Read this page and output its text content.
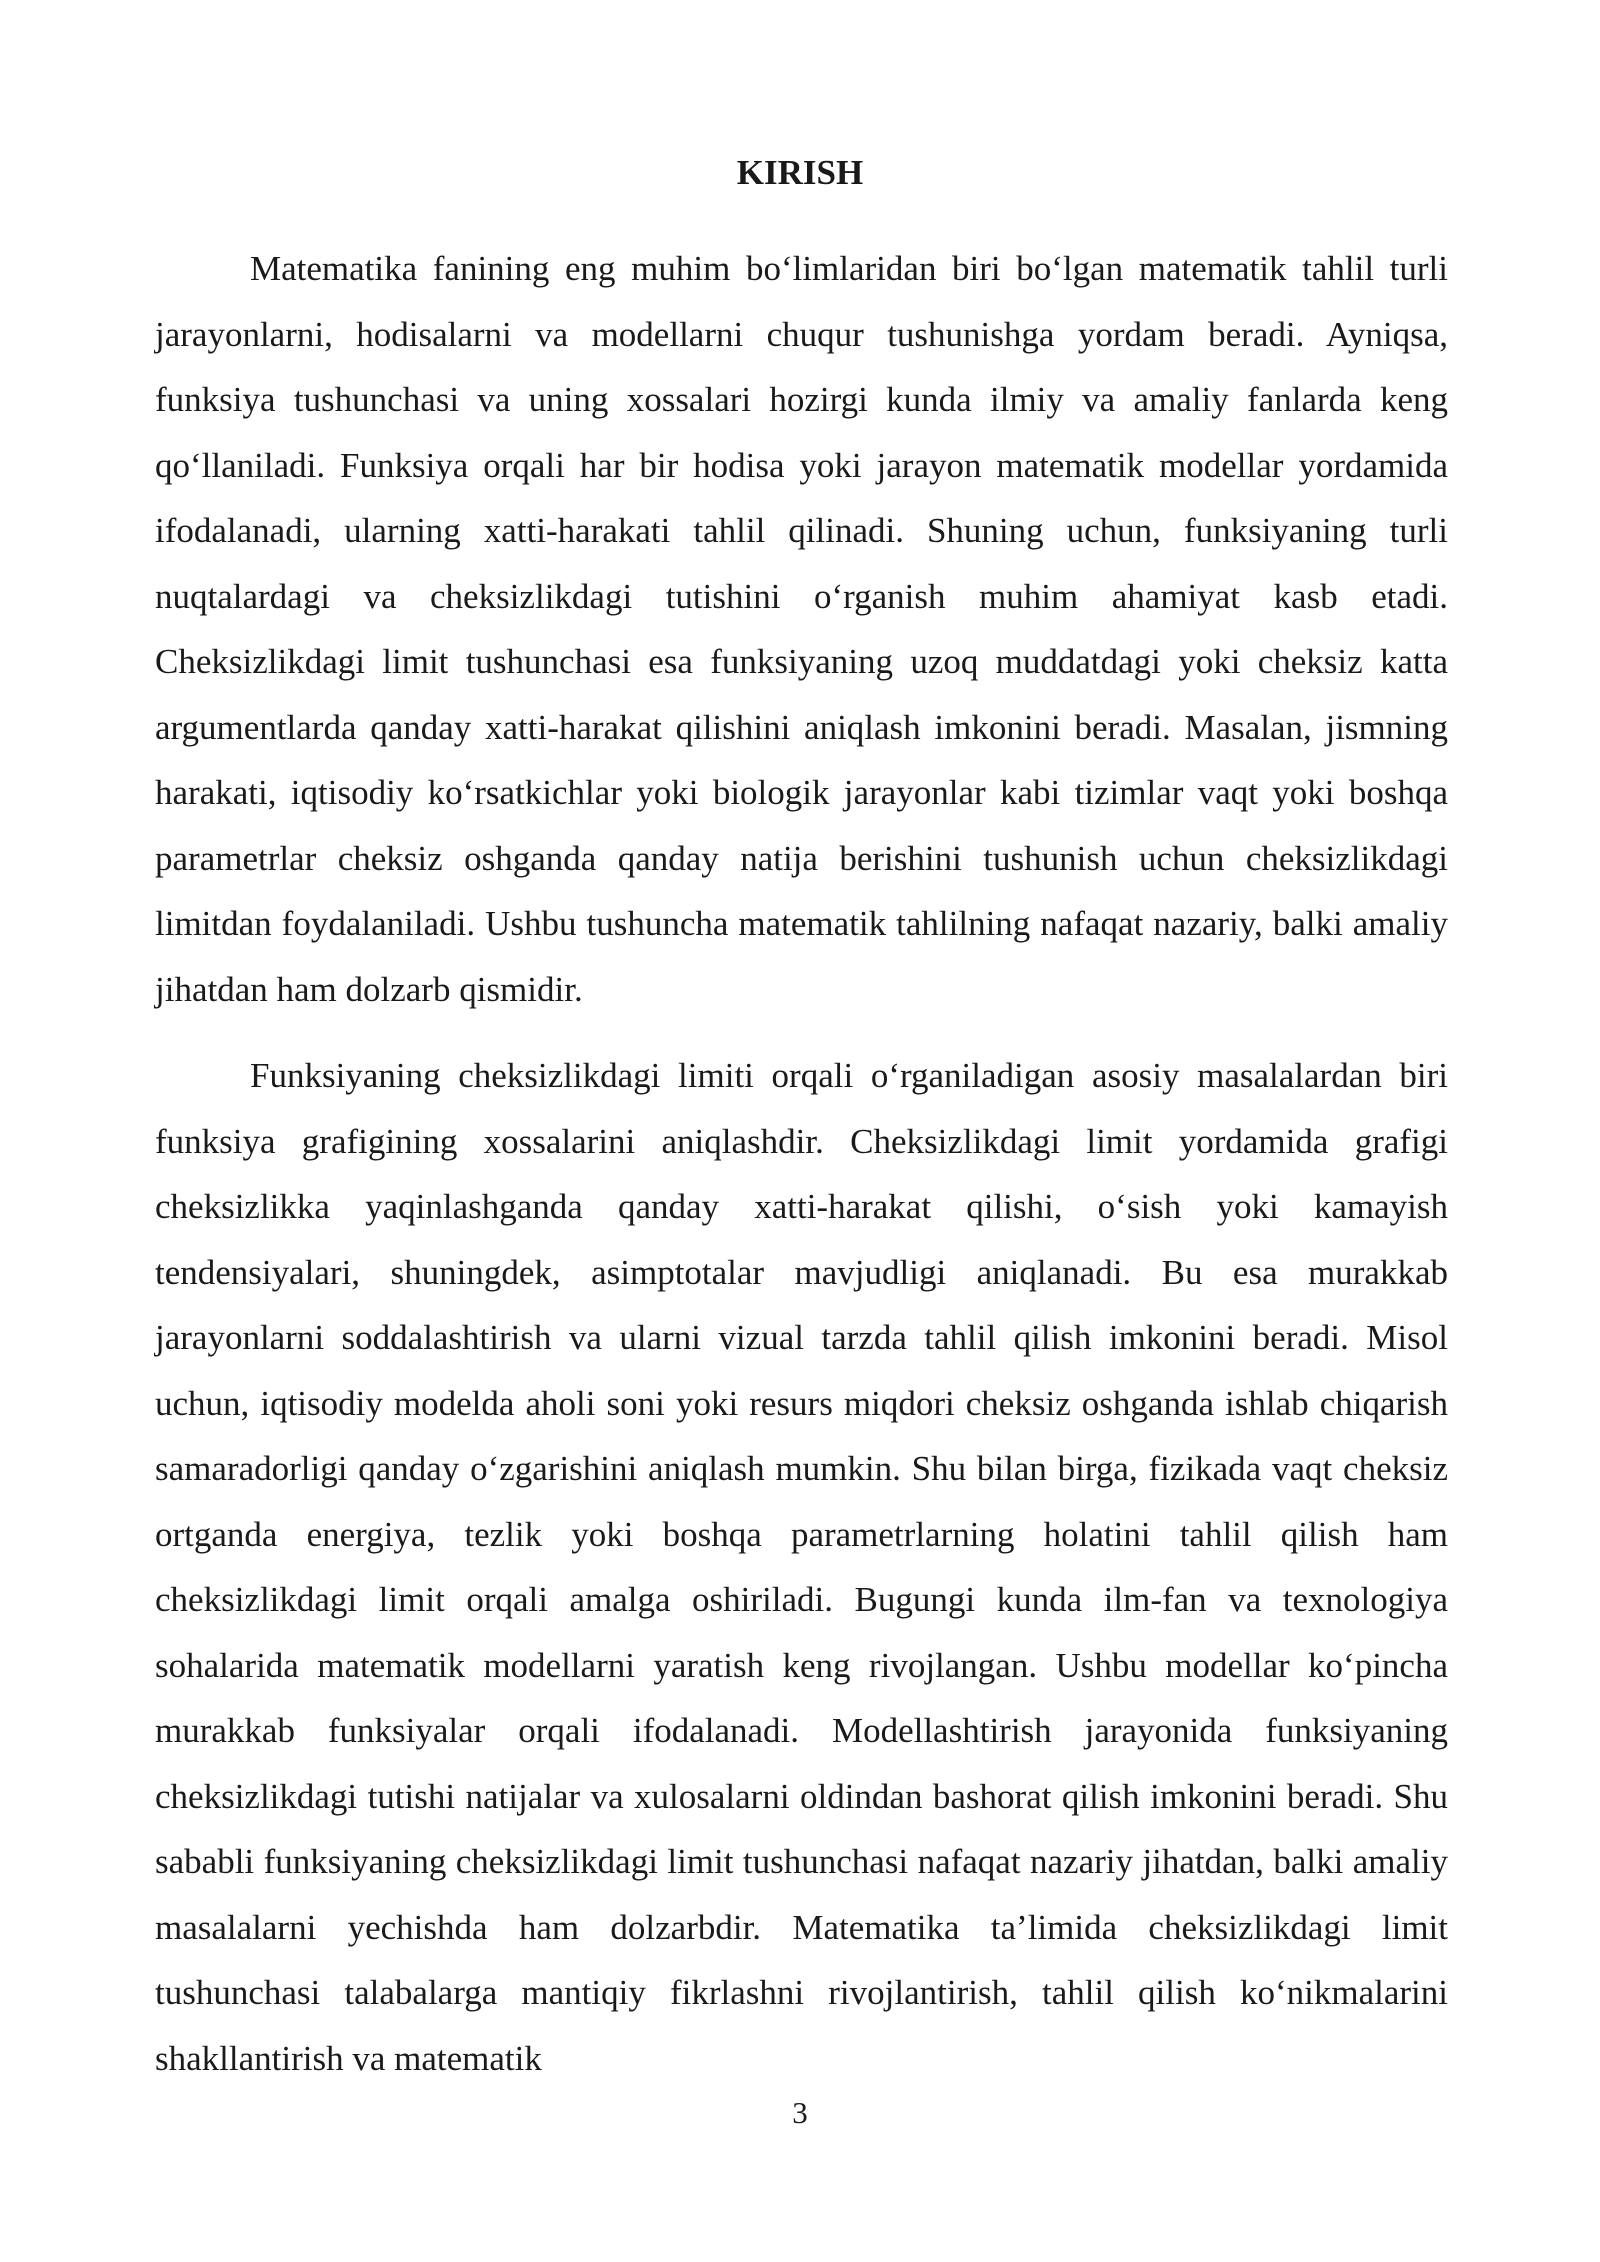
KIRISH

Matematika fanining eng muhim bo‘limlaridan biri bo‘lgan matematik tahlil turli jarayonlarni, hodisalarni va modellarni chuqur tushunishga yordam beradi. Ayniqsa, funksiya tushunchasi va uning xossalari hozirgi kunda ilmiy va amaliy fanlarda keng qo‘llaniladi. Funksiya orqali har bir hodisa yoki jarayon matematik modellar yordamida ifodalanadi, ularning xatti-harakati tahlil qilinadi. Shuning uchun, funksiyaning turli nuqtalardagi va cheksizlikdagi tutishini o‘rganish muhim ahamiyat kasb etadi. Cheksizlikdagi limit tushunchasi esa funksiyaning uzoq muddatdagi yoki cheksiz katta argumentlarda qanday xatti-harakat qilishini aniqlash imkonini beradi. Masalan, jismning harakati, iqtisodiy ko‘rsatkichlar yoki biologik jarayonlar kabi tizimlar vaqt yoki boshqa parametrlar cheksiz oshganda qanday natija berishini tushunish uchun cheksizlikdagi limitdan foydalaniladi. Ushbu tushuncha matematik tahlilning nafaqat nazariy, balki amaliy jihatdan ham dolzarb qismidir.

Funksiyaning cheksizlikdagi limiti orqali o‘rganiladigan asosiy masalalardan biri funksiya grafigining xossalarini aniqlashdir. Cheksizlikdagi limit yordamida grafigi cheksizlikka yaqinlashganda qanday xatti-harakat qilishi, o‘sish yoki kamayish tendensiyalari, shuningdek, asimptotalar mavjudligi aniqlanadi. Bu esa murakkab jarayonlarni soddalashtirish va ularni vizual tarzda tahlil qilish imkonini beradi. Misol uchun, iqtisodiy modelda aholi soni yoki resurs miqdori cheksiz oshganda ishlab chiqarish samaradorligi qanday o‘zgarishini aniqlash mumkin. Shu bilan birga, fizikada vaqt cheksiz ortganda energiya, tezlik yoki boshqa parametrlarning holatini tahlil qilish ham cheksizlikdagi limit orqali amalga oshiriladi. Bugungi kunda ilm-fan va texnologiya sohalarida matematik modellarni yaratish keng rivojlangan. Ushbu modellar ko‘pincha murakkab funksiyalar orqali ifodalanadi. Modellashtirish jarayonida funksiyaning cheksizlikdagi tutishi natijalar va xulosalarni oldindan bashorat qilish imkonini beradi. Shu sababli funksiyaning cheksizlikdagi limit tushunchasi nafaqat nazariy jihatdan, balki amaliy masalalarni yechishda ham dolzarbdir. Matematika ta’limida cheksizlikdagi limit tushunchasi talabalarga mantiqiy fikrlashni rivojlantirish, tahlil qilish ko‘nikmalarini shakllantirish va matematik

3
